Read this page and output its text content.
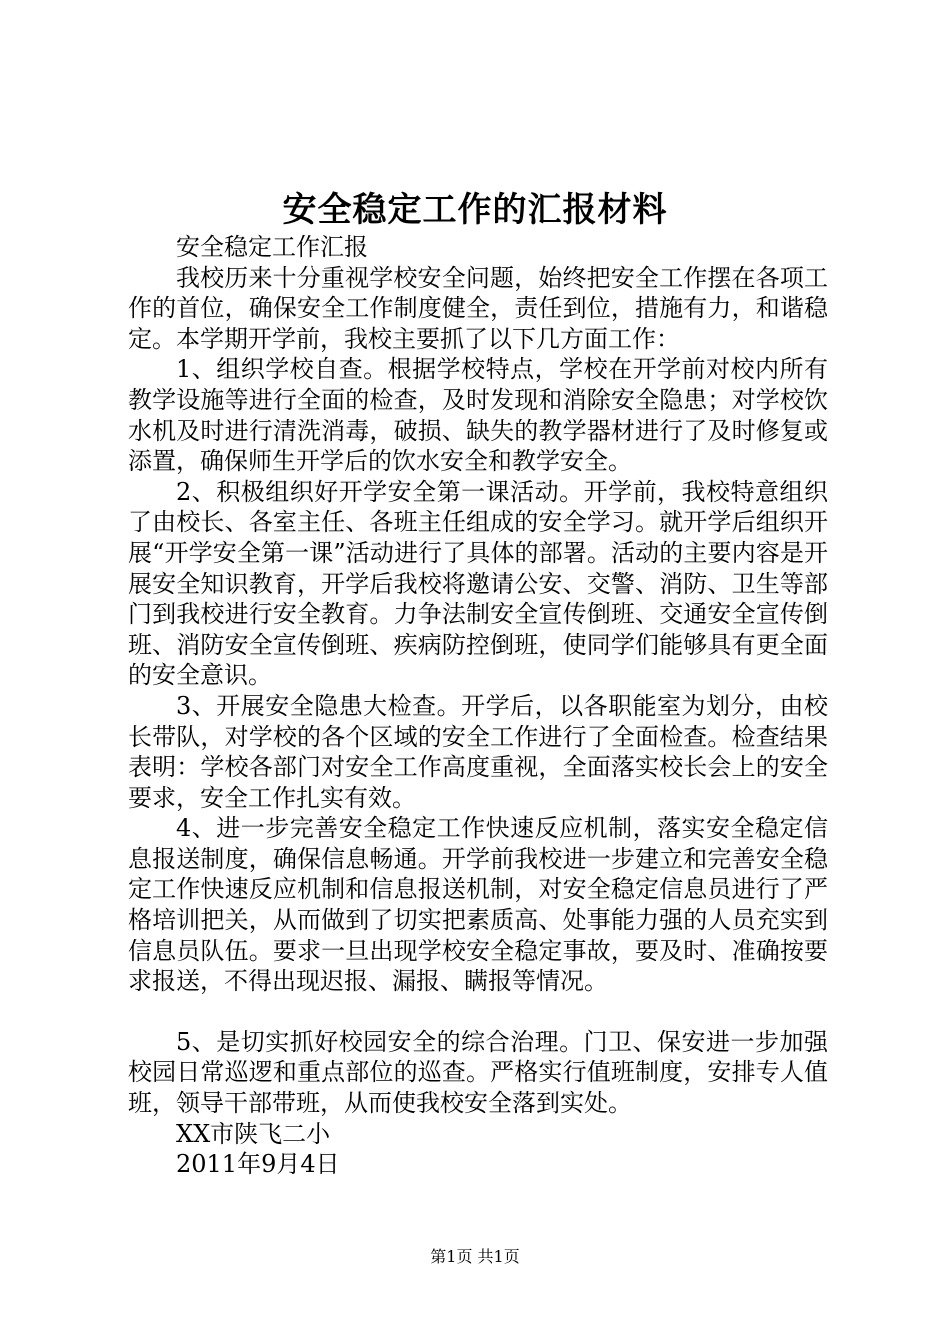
安全稳定工作的汇报材料

安全稳定工作汇报

我校历来十分重视学校安全问题，始终把安全工作摆在各项工作的首位，确保安全工作制度健全，责任到位，措施有力，和谐稳定。本学期开学前，我校主要抓了以下几方面工作：

1、组织学校自查。根据学校特点，学校在开学前对校内所有教学设施等进行全面的检查，及时发现和消除安全隐患；对学校饮水机及时进行清洗消毒，破损、缺失的教学器材进行了及时修复或添置，确保师生开学后的饮水安全和教学安全。

2、积极组织好开学安全第一课活动。开学前，我校特意组织了由校长、各室主任、各班主任组成的安全学习。就开学后组织开展“开学安全第一课”活动进行了具体的部署。活动的主要内容是开展安全知识教育，开学后我校将邀请公安、交警、消防、卫生等部门到我校进行安全教育。力争法制安全宣传倒班、交通安全宣传倒班、消防安全宣传倒班、疾病防控倒班，使同学们能够具有更全面的安全意识。

3、开展安全隐患大检查。开学后，以各职能室为划分，由校长带队，对学校的各个区域的安全工作进行了全面检查。检查结果表明：学校各部门对安全工作高度重视，全面落实校长会上的安全要求，安全工作扎实有效。

4、进一步完善安全稳定工作快速反应机制，落实安全稳定信息报送制度，确保信息畅通。开学前我校进一步建立和完善安全稳定工作快速反应机制和信息报送机制，对安全稳定信息员进行了严格培训把关，从而做到了切实把素质高、处事能力强的人员充实到信息员队伍。要求一旦出现学校安全稳定事故，要及时、准确按要求报送，不得出现迟报、漏报、瞒报等情况。

5、是切实抓好校园安全的综合治理。门卫、保安进一步加强校园日常巡逻和重点部位的巡查。严格实行值班制度，安排专人值班，领导干部带班，从而使我校安全落到实处。

XX市陕飞二小

2011年9月4日

第1页 共1页
